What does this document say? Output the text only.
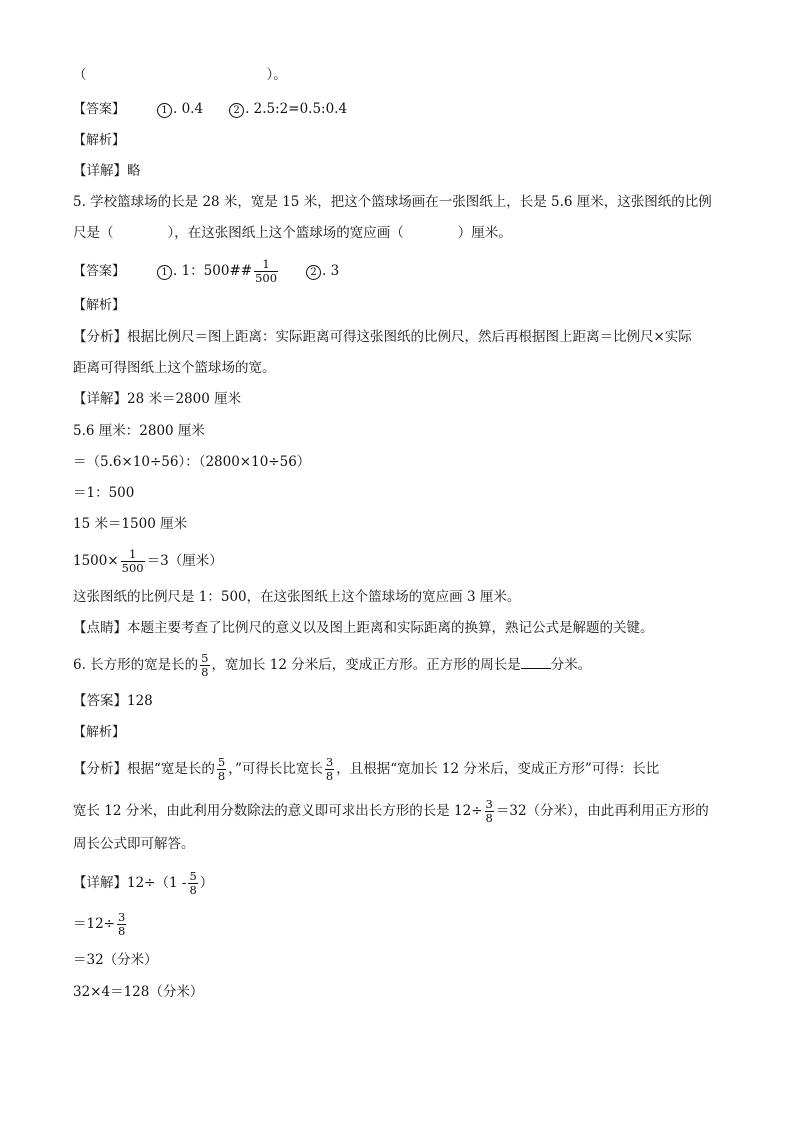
（	）。
【答案】	1 . 0.4	2 . 2.5:2=0.5:0.4
【解析】
【详解】略
5. 学校篮球场的长是 28 米，宽是 15 米，把这个篮球场画在一张图纸上，长是 5.6 厘米，这张图纸的比例
尺是（　　　　），在这张图纸上这个篮球场的宽应画（　　　　）厘米。
【答案】	1 . 1：500## $\frac{1}{500}$	2 . 3
【解析】
【分析】根据比例尺＝图上距离：实际距离可得这张图纸的比例尺，然后再根据图上距离＝比例尺×实际
距离可得图纸上这个篮球场的宽。
【详解】28 米＝2800 厘米
5.6 厘米：2800 厘米
＝（5.6×10÷56）：（2800×10÷56）
＝1：500
15 米＝1500 厘米
$1500\times \frac{1}{500} =3$（厘米）
这张图纸的比例尺是 1：500，在这张图纸上这个篮球场的宽应画 3 厘米。
【点睛】本题主要考查了比例尺的意义以及图上距离和实际距离的换算，熟记公式是解题的关键。
6. 长方形的宽是长的 $\frac{5}{8}$ ，宽加长 12 分米后，变成正方形。正方形的周长是 分米。
【答案】128
【解析】
【分析】根据“宽是长的 $\frac{5}{8}$ ，”可得长比宽长 $\frac{3}{8}$ ，且根据“宽加长 12 分米后，变成正方形”可得：长比
宽长 12 分米，由此利用分数除法的意义即可求出长方形的长是 $12\div \frac{3}{8} =32$（分米），由此再利用正方形的
周长公式即可解答。
【详解】$12\div(1 - \frac{5}{8}$ ）
$=12\div \frac{3}{8}$
＝32（分米）
32×4＝128（分米）
